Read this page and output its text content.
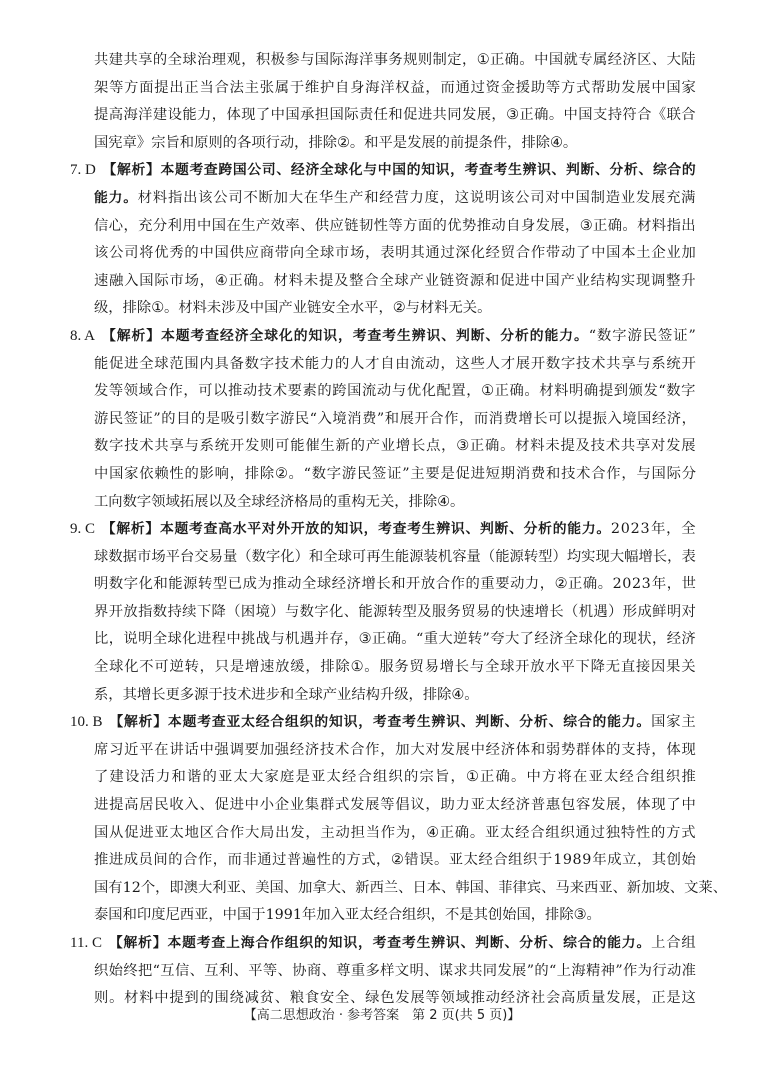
共 建 共 享 的 全 球 治 理 观 ， 积 极 参 与 国 际 海 洋 事 务 规 则 制 定 ， ① 正 确 。 中 国 就 专 属 经 济 区 、 大 陆
架 等 方 面 提 出 正 当 合 法 主 张 属 于 维 护 自 身 海 洋 权 益 ， 而 通 过 资 金 援 助 等 方 式 帮 助 发 展 中 国 家
提 高 海 洋 建 设 能 力 ， 体 现 了 中 国 承 担 国 际 责 任 和 促 进 共 同 发 展 ， ③ 正 确 。 中 国 支 持 符 合 《 联 合
国 宪 章 》 宗 旨 和 原 则 的 各 项 行 动 ， 排 除 ② 。 和 平 是 发 展 的 前 提 条 件 ， 排 除 ④ 。
7. D 【 解 析 】 本 题 考 查 跨 国 公 司 、 经 济 全 球 化 与 中 国 的 知 识 ， 考 查 考 生 辨 识 、 判 断 、 分 析 、 综 合 的
能 力 。 材 料 指 出 该 公 司 不 断 加 大 在 华 生 产 和 经 营 力 度 ， 这 说 明 该 公 司 对 中 国 制 造 业 发 展 充 满
信 心 ， 充 分 利 用 中 国 在 生 产 效 率 、 供 应 链 韧 性 等 方 面 的 优 势 推 动 自 身 发 展 ， ③ 正 确 。 材 料 指 出
该 公 司 将 优 秀 的 中 国 供 应 商 带 向 全 球 市 场 ， 表 明 其 通 过 深 化 经 贸 合 作 带 动 了 中 国 本 土 企 业 加
速 融 入 国 际 市 场 ， ④ 正 确 。 材 料 未 提 及 整 合 全 球 产 业 链 资 源 和 促 进 中 国 产 业 结 构 实 现 调 整 升
级 ， 排 除 ① 。 材 料 未 涉 及 中 国 产 业 链 安 全 水 平 ， ② 与 材 料 无 关 。
8. A 【 解 析 】 本 题 考 查 经 济 全 球 化 的 知 识 ， 考 查 考 生 辨 识 、 判 断 、 分 析 的 能 力 。 “ 数 字 游 民 签 证 ”
能 促 进 全 球 范 围 内 具 备 数 字 技 术 能 力 的 人 才 自 由 流 动 ， 这 些 人 才 展 开 数 字 技 术 共 享 与 系 统 开
发 等 领 域 合 作 ， 可 以 推 动 技 术 要 素 的 跨 国 流 动 与 优 化 配 置 ， ① 正 确 。 材 料 明 确 提 到 颁 发 “ 数 字
游 民 签 证 ” 的 目 的 是 吸 引 数 字 游 民 “ 入 境 消 费 ” 和 展 开 合 作 ， 而 消 费 增 长 可 以 提 振 入 境 国 经 济 ，
数 字 技 术 共 享 与 系 统 开 发 则 可 能 催 生 新 的 产 业 增 长 点 ， ③ 正 确 。 材 料 未 提 及 技 术 共 享 对 发 展
中 国 家 依 赖 性 的 影 响 ， 排 除 ② 。 “ 数 字 游 民 签 证 ” 主 要 是 促 进 短 期 消 费 和 技 术 合 作 ， 与 国 际 分
工 向 数 字 领 域 拓 展 以 及 全 球 经 济 格 局 的 重 构 无 关 ， 排 除 ④ 。
9. C 【 解 析 】 本 题 考 查 高 水 平 对 外 开 放 的 知 识 ， 考 查 考 生 辨 识 、 判 断 、 分 析 的 能 力 。 2 0 2 3 年 ， 全
球 数 据 市 场 平 台 交 易 量 （ 数 字 化 ） 和 全 球 可 再 生 能 源 装 机 容 量 （ 能 源 转 型 ） 均 实 现 大 幅 增 长 ， 表
明 数 字 化 和 能 源 转 型 已 成 为 推 动 全 球 经 济 增 长 和 开 放 合 作 的 重 要 动 力 ， ② 正 确 。 2 0 2 3 年 ， 世
界 开 放 指 数 持 续 下 降 （ 困 境 ） 与 数 字 化 、 能 源 转 型 及 服 务 贸 易 的 快 速 增 长 （ 机 遇 ） 形 成 鲜 明 对
比 ， 说 明 全 球 化 进 程 中 挑 战 与 机 遇 并 存 ， ③ 正 确 。 “ 重 大 逆 转 ” 夸 大 了 经 济 全 球 化 的 现 状 ， 经 济
全 球 化 不 可 逆 转 ， 只 是 增 速 放 缓 ， 排 除 ① 。 服 务 贸 易 增 长 与 全 球 开 放 水 平 下 降 无 直 接 因 果 关
系 ， 其 增 长 更 多 源 于 技 术 进 步 和 全 球 产 业 结 构 升 级 ， 排 除 ④ 。
10. B 【 解 析 】 本 题 考 查 亚 太 经 合 组 织 的 知 识 ， 考 查 考 生 辨 识 、 判 断 、 分 析 、 综 合 的 能 力 。 国 家 主
席 习 近 平 在 讲 话 中 强 调 要 加 强 经 济 技 术 合 作 ， 加 大 对 发 展 中 经 济 体 和 弱 势 群 体 的 支 持 ， 体 现
了 建 设 活 力 和 谐 的 亚 太 大 家 庭 是 亚 太 经 合 组 织 的 宗 旨 ， ① 正 确 。 中 方 将 在 亚 太 经 合 组 织 推
进 提 高 居 民 收 入 、 促 进 中 小 企 业 集 群 式 发 展 等 倡 议 ， 助 力 亚 太 经 济 普 惠 包 容 发 展 ， 体 现 了 中
国 从 促 进 亚 太 地 区 合 作 大 局 出 发 ， 主 动 担 当 作 为 ， ④ 正 确 。 亚 太 经 合 组 织 通 过 独 特 性 的 方 式
推 进 成 员 间 的 合 作 ， 而 非 通 过 普 遍 性 的 方 式 ， ② 错 误 。 亚 太 经 合 组 织 于 1 9 8 9 年 成 立 ， 其 创 始
国 有 1 2 个 ， 即 澳 大 利 亚 、 美 国 、 加 拿 大 、 新 西 兰 、 日 本 、 韩 国 、 菲 律 宾 、 马 来 西 亚 、 新 加 坡 、 文 莱 、
泰 国 和 印 度 尼 西 亚 ， 中 国 于 1 9 9 1 年 加 入 亚 太 经 合 组 织 ， 不 是 其 创 始 国 ， 排 除 ③ 。
11. C 【 解 析 】 本 题 考 查 上 海 合 作 组 织 的 知 识 ， 考 查 考 生 辨 识 、 判 断 、 分 析 、 综 合 的 能 力 。 上 合 组
织 始 终 把 “ 互 信 、 互 利 、 平 等 、 协 商 、 尊 重 多 样 文 明 、 谋 求 共 同 发 展 ” 的 “ 上 海 精 神 ” 作 为 行 动 准
则 。 材 料 中 提 到 的 围 绕 减 贫 、 粮 食 安 全 、 绿 色 发 展 等 领 域 推 动 经 济 社 会 高 质 量 发 展 ， 正 是 这
【高二思想政治 · 参考答案　第 2 页(共 5 页)】
